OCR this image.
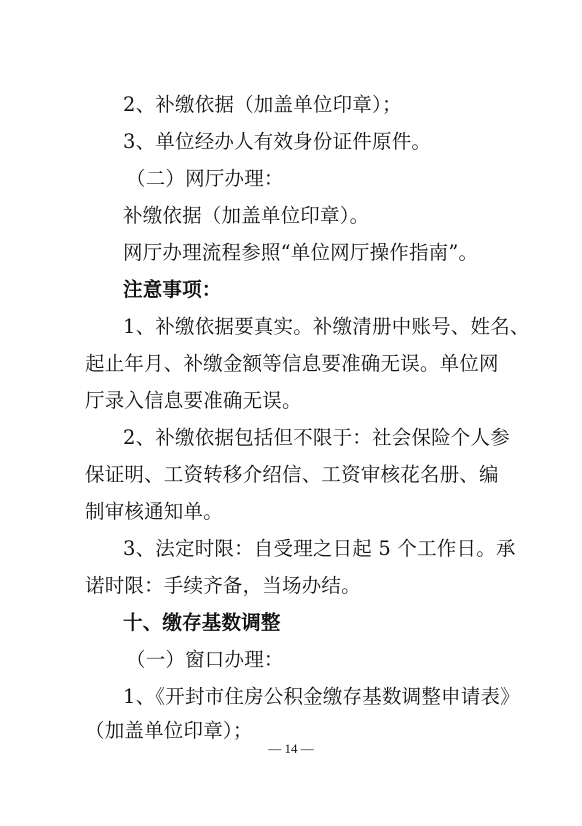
2、补缴依据（加盖单位印章）；
3、单位经办人有效身份证件原件。
（二）网厅办理：
补缴依据（加盖单位印章）。
网厅办理流程参照“单位网厅操作指南”。
注意事项：
1、补缴依据要真实。补缴清册中账号、姓名、
起止年月、补缴金额等信息要准确无误。单位网
厅录入信息要准确无误。
2、补缴依据包括但不限于：社会保险个人参
保证明、工资转移介绍信、工资审核花名册、编
制审核通知单。
3、法定时限：自受理之日起 5 个工作日。承
诺时限：手续齐备，当场办结。
十、缴存基数调整
（一）窗口办理：
1、《开封市住房公积金缴存基数调整申请表》
（加盖单位印章）；
— 14 —
